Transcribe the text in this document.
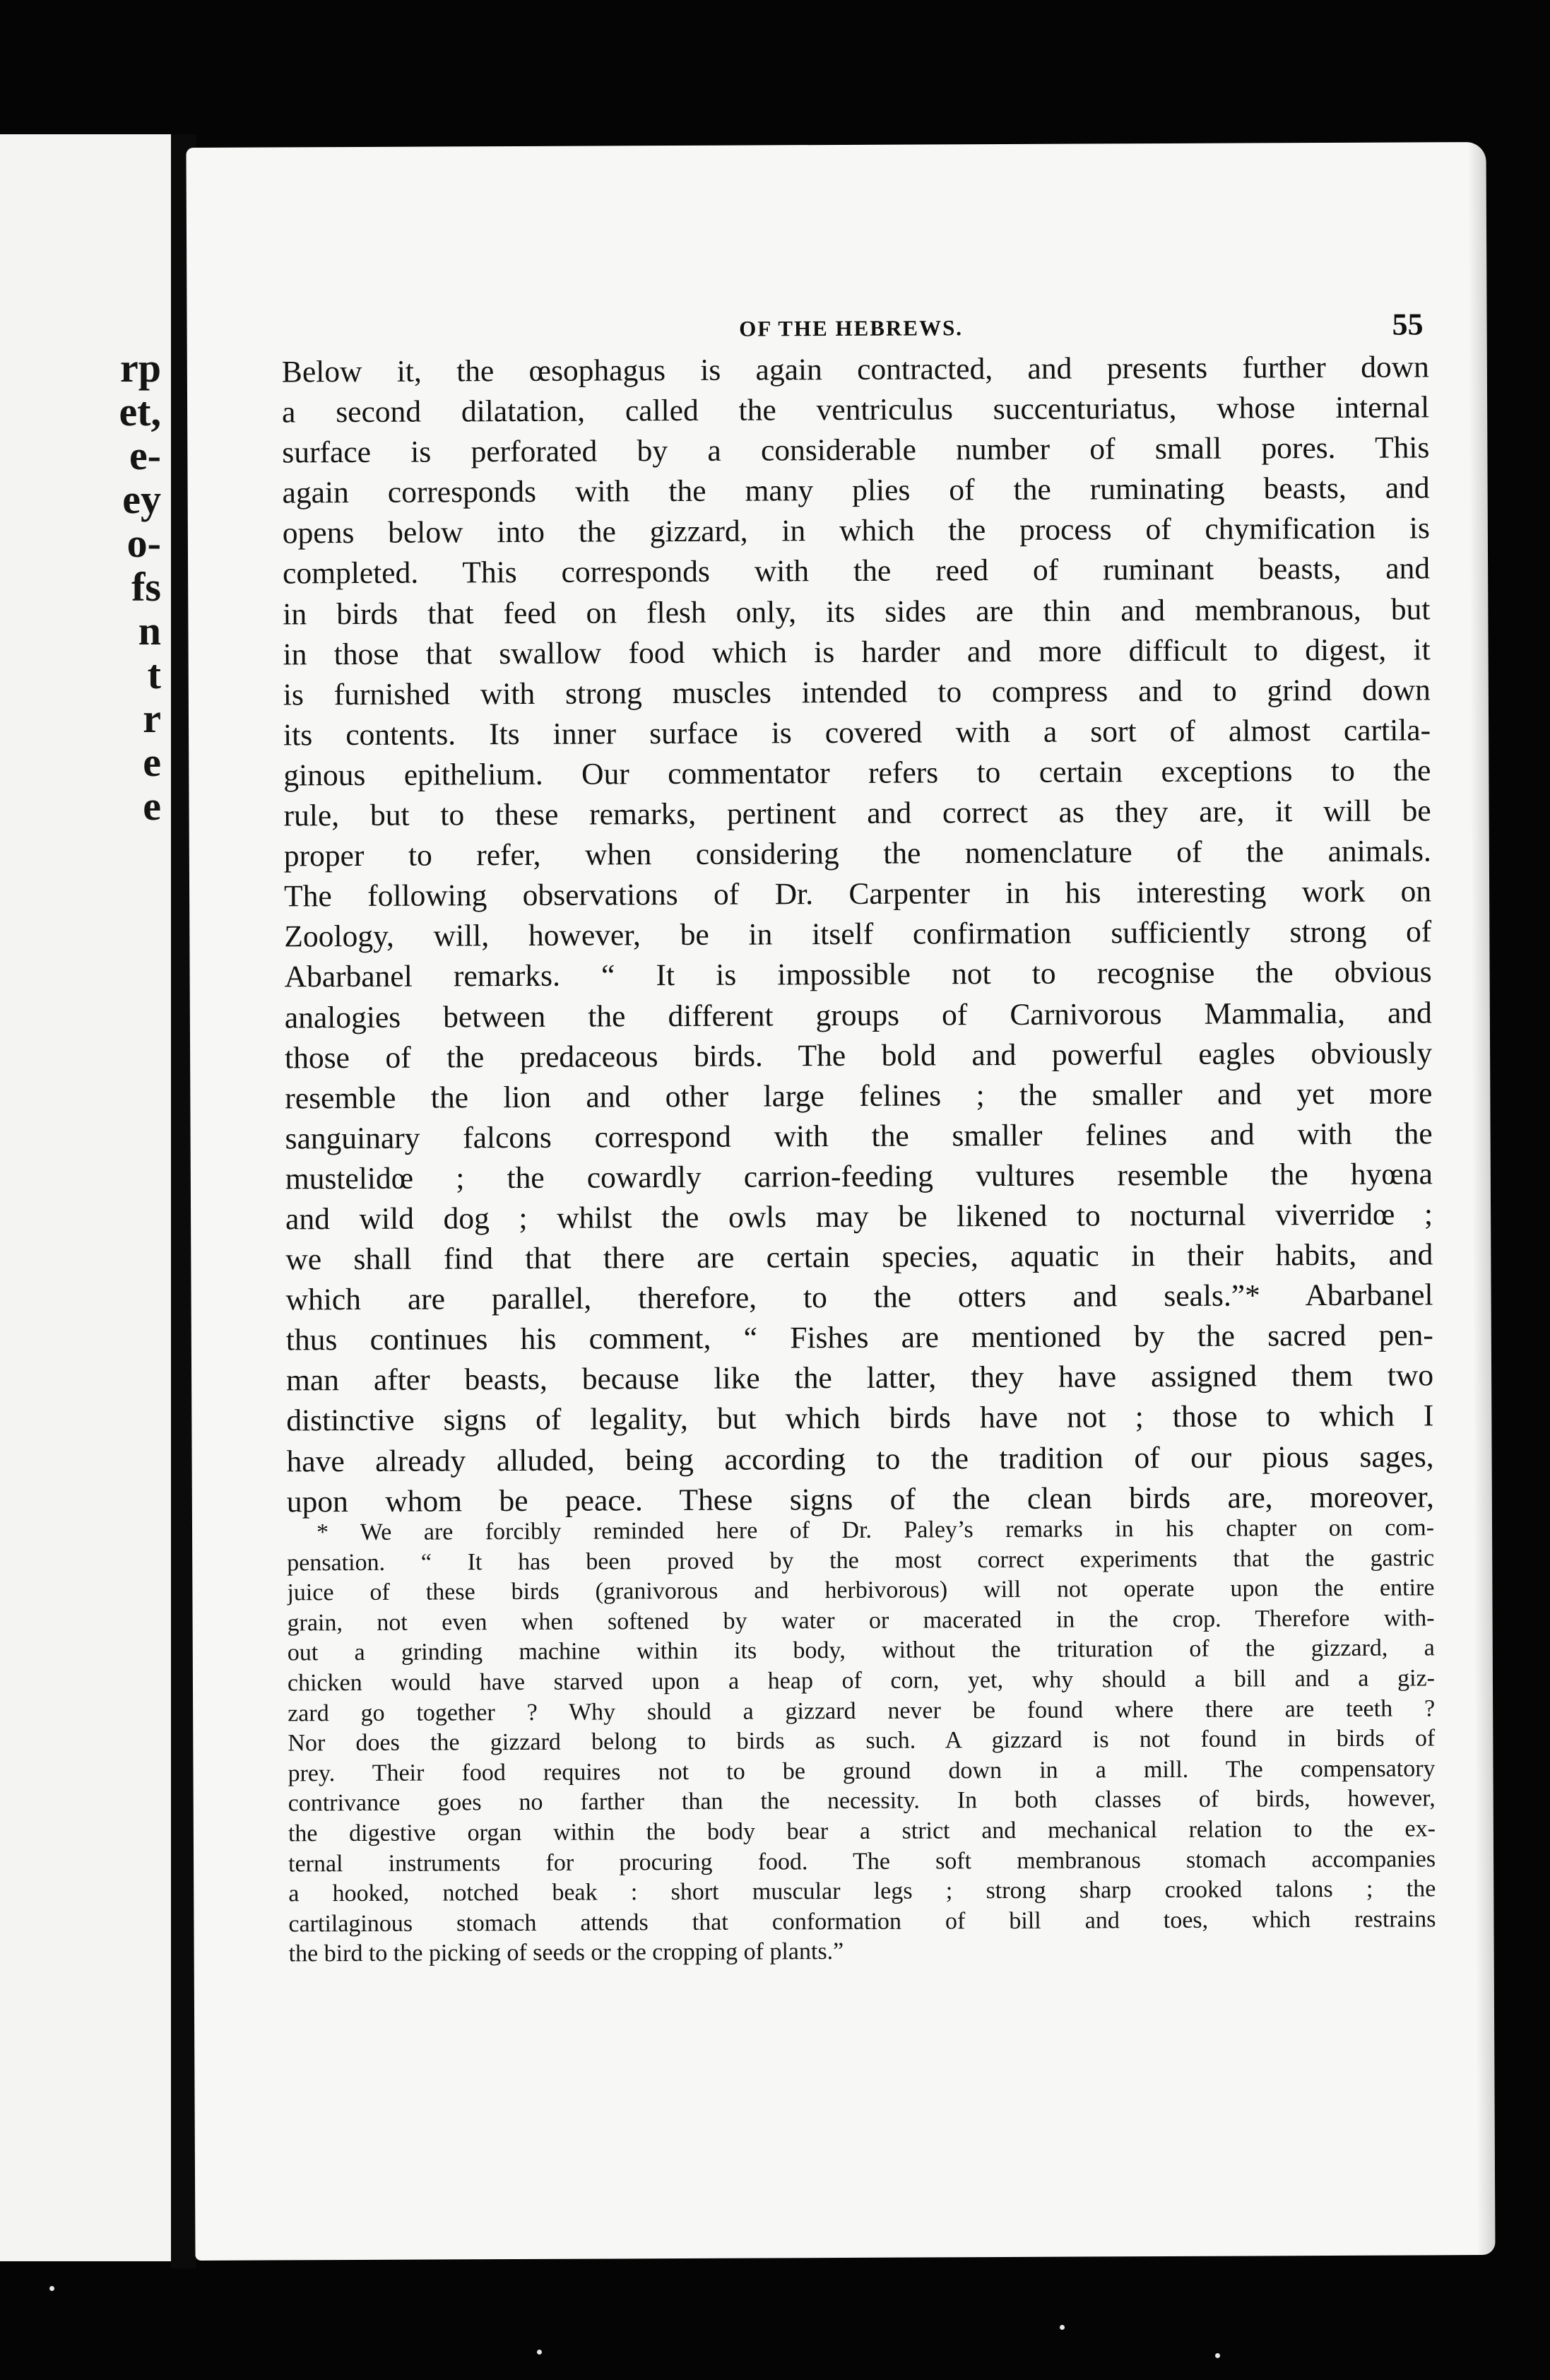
rp
et,
e-
ey
o-
fs
n
t
r
e
e
OF THE HEBREWS.	55
Below it, the œsophagus is again contracted, and presents further down
a second dilatation, called the ventriculus succenturiatus, whose internal
surface is perforated by a considerable number of small pores. This
again corresponds with the many plies of the ruminating beasts, and
opens below into the gizzard, in which the process of chymification is
completed. This corresponds with the reed of ruminant beasts, and
in birds that feed on flesh only, its sides are thin and membranous, but
in those that swallow food which is harder and more difficult to digest, it
is furnished with strong muscles intended to compress and to grind down
its contents. Its inner surface is covered with a sort of almost cartila-
ginous epithelium. Our commentator refers to certain exceptions to the
rule, but to these remarks, pertinent and correct as they are, it will be
proper to refer, when considering the nomenclature of the animals.
The following observations of Dr. Carpenter in his interesting work on
Zoology, will, however, be in itself confirmation sufficiently strong of
Abarbanel remarks. “ It is impossible not to recognise the obvious
analogies between the different groups of Carnivorous Mammalia, and
those of the predaceous birds. The bold and powerful eagles obviously
resemble the lion and other large felines ; the smaller and yet more
sanguinary falcons correspond with the smaller felines and with the
mustelidœ ; the cowardly carrion-feeding vultures resemble the hyœna
and wild dog ; whilst the owls may be likened to nocturnal viverridœ ;
we shall find that there are certain species, aquatic in their habits, and
which are parallel, therefore, to the otters and seals.”* Abarbanel
thus continues his comment, “ Fishes are mentioned by the sacred pen-
man after beasts, because like the latter, they have assigned them two
distinctive signs of legality, but which birds have not ; those to which I
have already alluded, being according to the tradition of our pious sages,
upon whom be peace. These signs of the clean birds are, moreover,
* We are forcibly reminded here of Dr. Paley’s remarks in his chapter on com-
pensation. “ It has been proved by the most correct experiments that the gastric
juice of these birds (granivorous and herbivorous) will not operate upon the entire
grain, not even when softened by water or macerated in the crop. Therefore with-
out a grinding machine within its body, without the trituration of the gizzard, a
chicken would have starved upon a heap of corn, yet, why should a bill and a giz-
zard go together ? Why should a gizzard never be found where there are teeth ?
Nor does the gizzard belong to birds as such. A gizzard is not found in birds of
prey. Their food requires not to be ground down in a mill. The compensatory
contrivance goes no farther than the necessity. In both classes of birds, however,
the digestive organ within the body bear a strict and mechanical relation to the ex-
ternal instruments for procuring food. The soft membranous stomach accompanies
a hooked, notched beak : short muscular legs ; strong sharp crooked talons ; the
cartilaginous stomach attends that conformation of bill and toes, which restrains
the bird to the picking of seeds or the cropping of plants.”
